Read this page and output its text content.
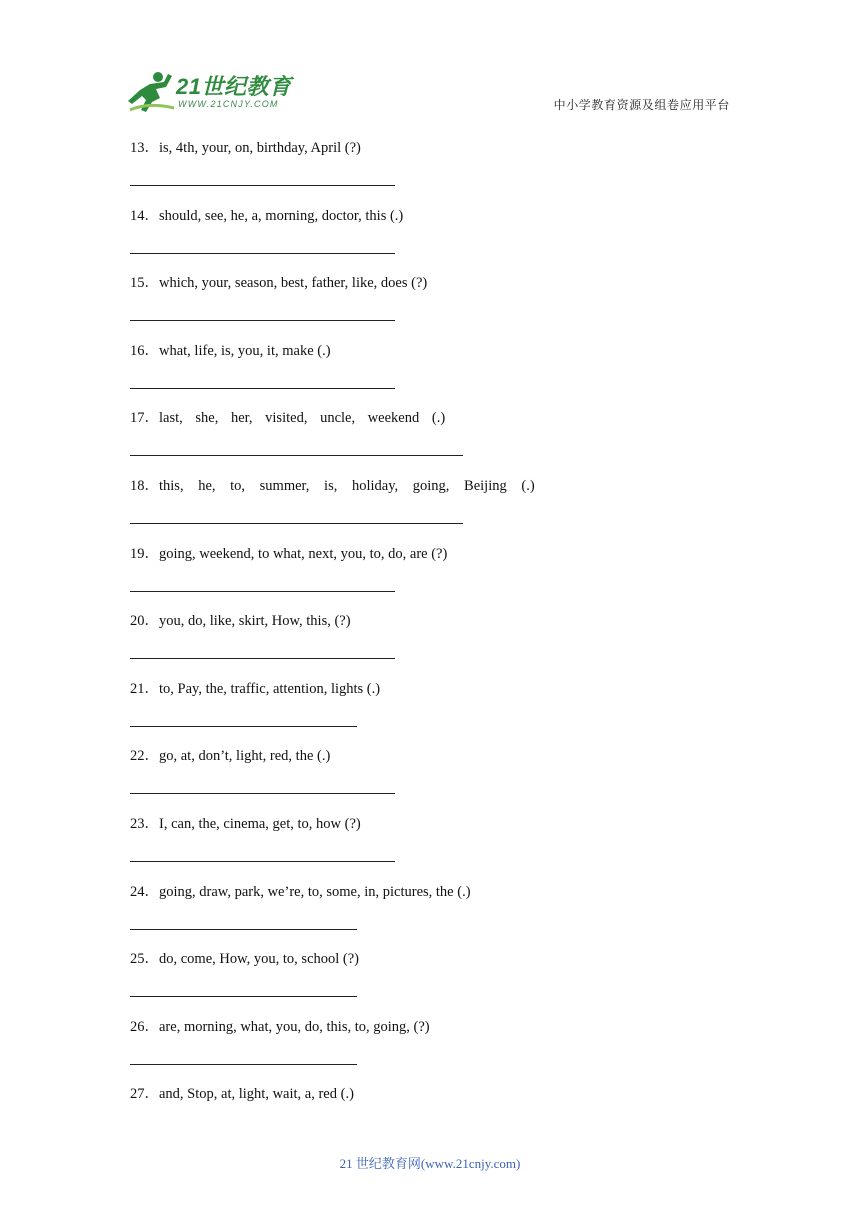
21世纪教育
WWW.21CNJY.COM	中小学教育资源及组卷应用平台
13．is, 4th, your, on, birthday, April (?)
14．should, see, he, a, morning, doctor, this (.)
15．which, your, season, best, father, like, does (?)
16．what, life, is, you, it, make (.)
17．last, she, her, visited, uncle, weekend (.)
18．this, he, to, summer, is, holiday, going, Beijing (.)
19．going, weekend, to what, next, you, to, do, are (?)
20．you, do, like, skirt, How, this, (?)
21．to, Pay, the, traffic, attention, lights (.)
22．go, at, don’t, light, red, the (.)
23．I, can, the, cinema, get, to, how (?)
24．going, draw, park, we’re, to, some, in, pictures, the (.)
25．do, come, How, you, to, school (?)
26．are, morning, what, you, do, this, to, going, (?)
27．and, Stop, at, light, wait, a, red (.)
21 世纪教育网(www.21cnjy.com)
